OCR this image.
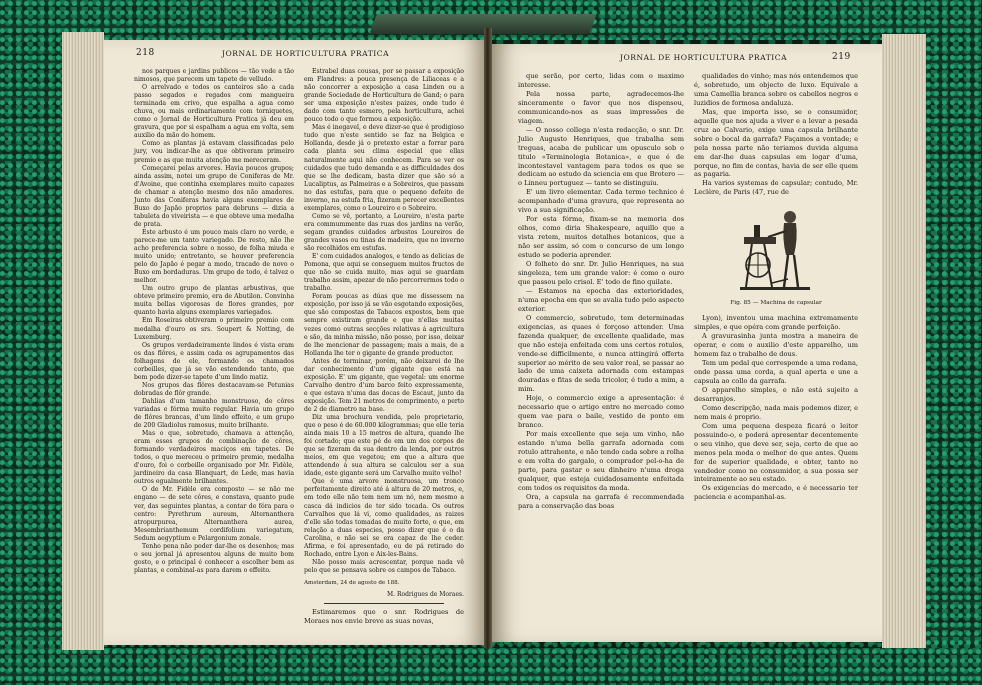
218	JORNAL DE HORTICULTURA PRATICA

nos parques e jardins publicos — tão vede a tão nimosos, que parecem um tapete de velludo.

O arrelvado e todos os canteiros são a cada passo segados e regados com mangueira terminada em crivo, que espalha a agua como chuva, ou mais ordinariamente com torniquetes, como o Jornal de Horticultura Pratica já deu em gravura, que por si espalham a agua em volta, sem auxilio da mão do homem.

Como as plantas já estavam classificadas pelo jury, vou indicar-lhe as que obtiveram primeiro premio e as que muita atenção me mereceram.

Começarei pelas arvores. Havia poucos grupos; ainda assim, notei um grupo de Coniferas de Mr. d'Avoine, que continha exemplares muito capazes de chamar a atenção mesmo dos não amadores. Junto das Coniferas havia alguns exemplares de Buxo do Japão proprios para debruns — dizia a tabuleta do viveirista — e que obteve uma medalha de prata.

Este arbusto é um pouco mais claro no verde, e parece-me um tanto variegado. De resto, não lhe acho preferencia sobre o nosso, de folha miuda e muito unido; entretanto, se houver preferencia pelo do Japão é pegar a modo, tracado de novo o Buxo em bordaduras. Um grupo de todo, é talvez o melhor.

Um outro grupo de plantas arbustivas, que obteve primeiro premio, era de Abutilon. Convinha muita bellas vigorosas de flores grandes, por quanto havia alguns exemplares variegados.

Em Roseiras obtiveram o primeiro premio com medalha d'ouro os srs. Soupert & Notting, de Luxemburg.

Os grupos verdadeiramente lindos é vista eram os das flôres, e assim cada os agrupamentos das folhagens de ele, formando os chamados corbeilles, que já se vão estendendo tanto, que bem pode dizer-se tapete d'um lindo matiz.

Nos grupos das flôres destacavam-se Petunias dobradas de flôr grande.

Dahlias d'um tamanho monstruoso, de côres variadas e fórma muito regular. Havia um grupo de flôres brancas, d'um lindo effeito, e um grupo de 200 Gladiolus ramosus, muito brilhante.

Mas o que, sobretudo, chamava a attenção, eram esses grupos de combinação de côres, formando verdadeiros maciços em tapetes. De todos, o que mereceu o primeiro premio, medalha d'ouro, foi o corbeille organisado por Mr. Fidèle, jardineiro da casa Blanquart, de Lede, mas havia outros egualmente brilhantes.

O de Mr. Fidèle era composto — se não me engano — de sete côres, e constava, quanto pude ver, das seguintes plantas, a contar de fóra para o centro: Pyrethrum aureum, Alternanthera atropurpurea, Alternanthera aurea, Mesembrianthemum cordifolium variegatum, Sedum aegyptium e Pelargonium zonale.

Tenho pena não poder dar-lhe os desenhos; mas o seu jornal já apresentou alguns de muito bom gosto, e o principal é conhecer a escolher bem as plantas, e combinal-as para darem o effeito.

Estrabel duas cousas, por se passar a exposição em Flandres: a pouca presença de Liliaceas e a não concorrer a exposição a casa Linden ou a grande Sociedade de Horticultura de Gand; o para ser uma exposição n'estes paizes, onde tudo é dado com tanto esmero, pela horticultura, achei pouco todo o que formou a exposição.

Mas é inegavel, e deve dizer-se que é prodigioso tudo que n'este sentido se faz na Belgica e Hollanda, desde já o pretexto estar a forrar para cada planta seu clima especial que ellas naturalmente aqui não conhecem. Para se ver os cuidados que tudo demanda e as difficuldades dos que se lhe dedicam, basta dizer que são só a Lucaliptus, as Palmeiras e a Sobreiros, que passam no das estufas, para que o pequeno defeito de inverno, na estufa fria, fizeram perecer excellentes exemplares, como o Loureiro e o Sobreiro.

Como se vê, portanto, a Loureiro, n'esta parte era commummente das ruas dos jardins na verão, segam grandes cuidados arbustos Loureiros de grandes vasos ou tinas de madeira, que no inverno são recolhidos em estufas.

E' com cuidados analogos, e tendo as delicias de Pomona, que aqui se conseguem muitos fructos de que não se cuida muito, mas aqui se guardam trabalho assim, apezar de não percorrermos todo o trabalho.

Foram poucas as dúas que me dissessem na exposição, por isso já se vão esgotando exposições, que são compostas de Tabacos expostos, bem que sempre existiram grande e que n'ellas muitas vezes como outras secções relativas á agricultura e são, da minha missão, não posso, por isso, deixar de lhe mencionar de passagem; mais a mais, de a Hollanda lhe ter o gigante de grande productor.

Antes de terminar, porém, não deixarei de lhe dar conhecimento d'um gigante que está na exposição. E' um gigante, que vegetal: um enorme Carvalho dentro d'um barco feito expressamente, e que estava n'uma das docas de Escaut, junto da exposição. Tem 21 metros de comprimento, e perto de 2 de diametro na base.

Diz uma brochura vendida, pelo proprietario, que o peso é de 60.000 kilogrammas; que elle teria ainda mais 10 a 15 metros de altura, quando lhe foi cortado; que este pé de em um dos corpos de que se fizeram da sua dentro da lenda, por outros meios, em que vegetou; em que a altura que attendendo á sua altura se calculou ser a sua idade, este gigante será um Carvalho muito velho!

Que é uma arvore monstruosa, um tronco perfeitamente direito até á altura de 20 metros, e, em todo elle não tem nem um nó, nem mesmo a casca dá indicios de ter sido tocada. Os outros Carvalhos que lá vi, como qualidades, as raizes d'elle são todas tomadas de muito forte, o que, em relação a duas especies, posso dizer que é o da Carolina, e não sei se era capaz de lhe ceder. Afirma, e foi apresentado, eu de pá retirado do Rochado, entre Lyon e Aix-les-Bains.

Não posso mais acrescentar, porque nada vê pelo que se pensava sobre os campos de Tabaco.

Amsterdam, 24 de agosto de 188.

M. Rodrigues de Moraes.

Estimaremos que o snr. Rodrigues de Moraes nos envie breve as suas novas,

JORNAL DE HORTICULTURA PRATICA	219

que serão, por certo, lidas com o maximo interesse.

Pela nossa parte, agradecemos-lhe sinceramente o favor que nos dispensou, communicando-nos as suas impressões de viagem.

— O nosso collega n'esta redacção, o snr. Dr. Julio Augusto Henriques, que trabalha sem treguas, acaba de publicar um opusculo sob o titulo «Terminologia Botanica», e que é de incontestavel vantagem para todos os que se dedicam ao estudo da sciencia em que Brotero — o Linneu portuguez — tanto se distinguiu.

E' um livro elementar. Cada termo technico é acompanhado d'uma gravura, que representa ao vivo a sua significação.

Por esta fórma, fixam-se na memoria dos olhos, como diria Shakespeare, aquillo que a vista retem, muitos detalhes botanicos, que a não ser assim, só com o concurso de um longo estudo se poderia aprender.

O folheto do snr. Dr. Julio Henriques, na sua singeleza, tem um grande valor: é como o ouro que passou pelo crisol. E' todo de fino quilate.

— Estamos na epocha das exterioridades, n'uma epocha em que se avalia tudo pelo aspecto exterior.

O commercio, sobretudo, tem determinadas exigencias, as quaes é forçoso attender. Uma fazenda qualquer, de excellente qualidade, mas que não esteja enfeitada com uns certos rotulos, vende-se difficilmente, e nunca attingirá offerta superior ao mérito de seu valor real, se passar ao lado de uma caixeta adornada com estampas douradas e fitas de seda tricolor, é tudo a mim, a mim.

Hoje, o commercio exige a apresentação: é necessario que o artigo entre no mercado como quem vae para o baile, vestido de ponto em branco.

Por mais excellente que seja um vinho, não estando n'uma bella garrafa adornada com rotulo attrahente, e não tendo cada sobre a rolha e em volta do gargalo, o comprador pel-o-ha de parte, para gastar o seu dinheiro n'uma droga qualquer, que esteja cuidadosamente enfeitada com todos os requisitos da moda.

Ora, a capsula na garrafa é recommendada para a conservação das boas

qualidades do vinho; mas nós entendemos que é, sobretudo, um objecto de luxo. Equivale a uma Camellia branca sobre os cabellos negros e luzidios de formosa andaluza.

Mas, que importa isso, se o consumidor, aquelle que nos ajuda a viver e a levar a pesada cruz ao Calvario, exige uma capsula brilhante sobre o bocal da garrafa? Façamos a vontade; e pela nossa parte não teriamos duvida alguma em dar-lhe duas capsulas em logar d'uma, porque, no fim de contas, havia de ser elle quem as pagaria.

Ha varios systemas de capsular; contudo, Mr. Leclère, de Paris (47, rue de

Fig. 85 — Machina de capsular

Lyon), inventou uma machina extremamente simples, e que opéra com grande perfeição.

A gravurasinha junta mostra a maneira de operar, e com o auxilio d'este apparelho, um homem faz o trabalho de dous.

Tem um pedal que corresponde a uma rodana, onde passa uma corda, a qual aperta e une a capsula ao collo da garrafa.

O apparelho simples, e não está sujeito a desarranjos.

Como descripção, nada mais podemos dizer, e nem mais é proprio.

Com uma pequena despeza ficará o leitor possuindo-o, e poderá apresentar decentemente o seu vinho, que deve ser, seja, certo de que ao menos pela moda o melhor do que antes. Quem for de superior qualidade, e obter, tanto no vendedor como no consumidor, a sua possa ser inteiramente ao seu estado.

Os exigencias do mercado, e é necessario ter paciencia e acompanhal-as.
